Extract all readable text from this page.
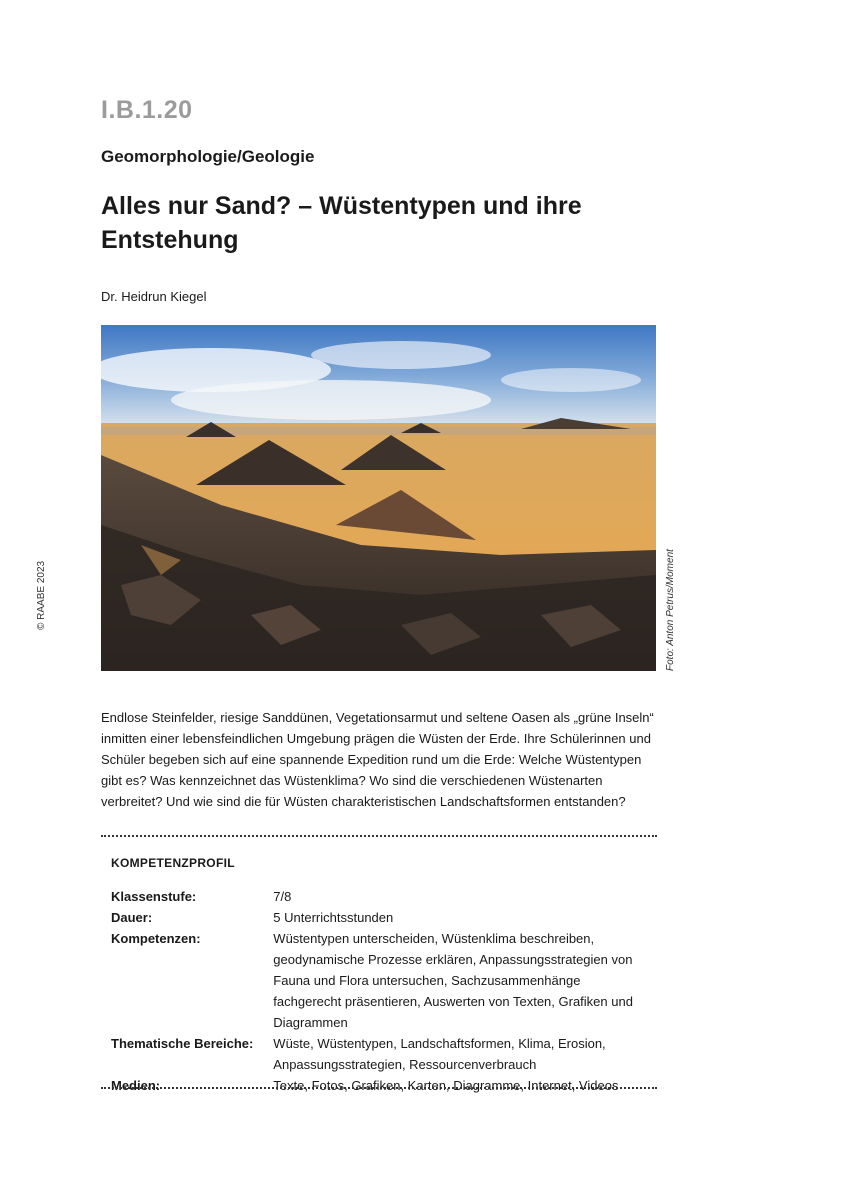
I.B.1.20
Geomorphologie/Geologie
Alles nur Sand? – Wüstentypen und ihre Entstehung
Dr. Heidrun Kiegel
© RAABE 2023	Foto: Anton Petrus/Moment

Endlose Steinfelder, riesige Sanddünen, Vegetationsarmut und seltene Oasen als „grüne Inseln“ inmitten einer lebensfeindlichen Umgebung prägen die Wüsten der Erde. Ihre Schülerinnen und Schüler begeben sich auf eine spannende Expedition rund um die Erde: Welche Wüstentypen gibt es? Was kennzeichnet das Wüstenklima? Wo sind die verschiedenen Wüstenarten verbreitet? Und wie sind die für Wüsten charakteristischen Landschaftsformen entstanden?

KOMPETENZPROFIL
Klassenstufe:	7/8
Dauer:	5 Unterrichtsstunden
Kompetenzen:	Wüstentypen unterscheiden, Wüstenklima beschreiben, geodynamische Prozesse erklären, Anpassungsstrategien von Fauna und Flora untersuchen, Sachzusammenhänge fachgerecht präsentieren, Auswerten von Texten, Grafiken und Diagrammen
Thematische Bereiche:	Wüste, Wüstentypen, Landschaftsformen, Klima, Erosion, Anpassungsstrategien, Ressourcenverbrauch
Medien:	Texte, Fotos, Grafiken, Karten, Diagramme, Internet, Videos
